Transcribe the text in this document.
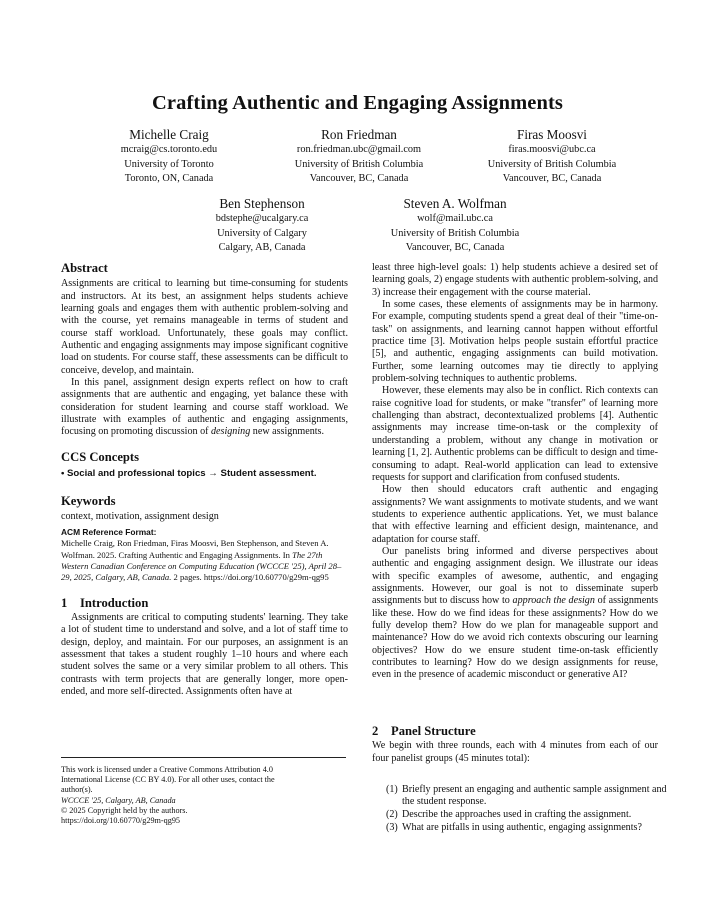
Crafting Authentic and Engaging Assignments
Michelle Craig
mcraig@cs.toronto.edu
University of Toronto
Toronto, ON, Canada
Ron Friedman
ron.friedman.ubc@gmail.com
University of British Columbia
Vancouver, BC, Canada
Firas Moosvi
firas.moosvi@ubc.ca
University of British Columbia
Vancouver, BC, Canada
Ben Stephenson
bdstephe@ucalgary.ca
University of Calgary
Calgary, AB, Canada
Steven A. Wolfman
wolf@mail.ubc.ca
University of British Columbia
Vancouver, BC, Canada
Abstract

Assignments are critical to learning but time-consuming for students and instructors. At its best, an assignment helps students achieve learning goals and engages them with authentic problem-solving and with the course, yet remains manageable in terms of student and course staff workload. Unfortunately, these goals may conflict. Authentic and engaging assignments may impose significant cognitive load on students. For course staff, these assessments can be difficult to conceive, develop, and maintain.

In this panel, assignment design experts reflect on how to craft assignments that are authentic and engaging, yet balance these with consideration for student learning and course staff workload. We illustrate with examples of authentic and engaging assignments, focusing on promoting discussion of designing new assignments.

CCS Concepts
• Social and professional topics → Student assessment.
Keywords
context, motivation, assignment design
ACM Reference Format:
Michelle Craig, Ron Friedman, Firas Moosvi, Ben Stephenson, and Steven A. Wolfman. 2025. Crafting Authentic and Engaging Assignments. In The 27th Western Canadian Conference on Computing Education (WCCCE '25), April 28–29, 2025, Calgary, AB, Canada. 2 pages. https://doi.org/10.60770/g29m-qg95
1 Introduction

Assignments are critical to computing students' learning. They take a lot of student time to understand and solve, and a lot of staff time to design, deploy, and maintain. For our purposes, an assignment is an assessment that takes a student roughly 1–10 hours and where each student solves the same or a very similar problem to all others. This contrasts with term projects that are generally longer, more open-ended, and more self-directed. Assignments often have at

This work is licensed under a Creative Commons Attribution 4.0 International License (CC BY 4.0). For all other uses, contact the author(s).
WCCCE '25, Calgary, AB, Canada
© 2025 Copyright held by the authors.
https://doi.org/10.60770/g29m-qg95

least three high-level goals: 1) help students achieve a desired set of learning goals, 2) engage students with authentic problem-solving, and 3) increase their engagement with the course material.

In some cases, these elements of assignments may be in harmony. For example, computing students spend a great deal of their "time-on-task" on assignments, and learning cannot happen without effortful practice time [3]. Motivation helps people sustain effortful practice [5], and authentic, engaging assignments can build motivation. Further, some learning outcomes may tie directly to applying problem-solving techniques to authentic problems.

However, these elements may also be in conflict. Rich contexts can raise cognitive load for students, or make "transfer" of learning more challenging than abstract, decontextualized problems [4]. Authentic assignments may increase time-on-task or the complexity of understanding a problem, without any change in motivation or learning [1, 2]. Authentic problems can be difficult to design and time-consuming to adapt. Real-world application can lead to extensive requests for support and clarification from confused students.

How then should educators craft authentic and engaging assignments? We want assignments to motivate students, and we want students to experience authentic applications. Yet, we must balance that with effective learning and efficient design, maintenance, and adaptation for course staff.

Our panelists bring informed and diverse perspectives about authentic and engaging assignment design. We illustrate our ideas with specific examples of awesome, authentic, and engaging assignments. However, our goal is not to disseminate superb assignments but to discuss how to approach the design of assignments like these. How do we find ideas for these assignments? How do we fully develop them? How do we plan for manageable support and maintenance? How do we avoid rich contexts obscuring our learning objectives? How do we ensure student time-on-task efficiently contributes to learning? How do we design assignments for reuse, even in the presence of academic misconduct or generative AI?

2 Panel Structure

We begin with three rounds, each with 4 minutes from each of our four panelist groups (45 minutes total):

(1) Briefly present an engaging and authentic sample assignment and the student response.
(2) Describe the approaches used in crafting the assignment.
(3) What are pitfalls in using authentic, engaging assignments?
